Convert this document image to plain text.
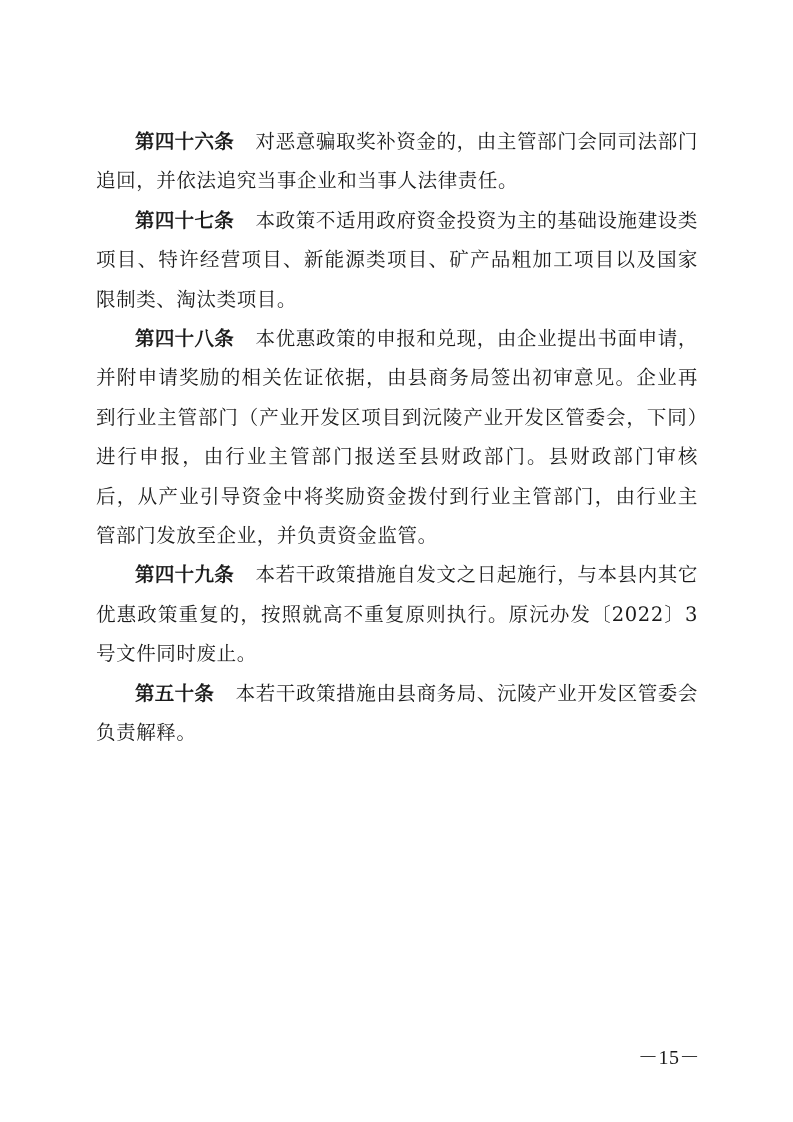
第四十六条 对恶意骗取奖补资金的，由主管部门会同司法部门追回，并依法追究当事企业和当事人法律责任。

第四十七条 本政策不适用政府资金投资为主的基础设施建设类项目、特许经营项目、新能源类项目、矿产品粗加工项目以及国家限制类、淘汰类项目。

第四十八条 本优惠政策的申报和兑现，由企业提出书面申请，并附申请奖励的相关佐证依据，由县商务局签出初审意见。企业再到行业主管部门（产业开发区项目到沅陵产业开发区管委会，下同）进行申报，由行业主管部门报送至县财政部门。县财政部门审核后，从产业引导资金中将奖励资金拨付到行业主管部门，由行业主管部门发放至企业，并负责资金监管。

第四十九条 本若干政策措施自发文之日起施行，与本县内其它优惠政策重复的，按照就高不重复原则执行。原沅办发〔2022〕3号文件同时废止。

第五十条 本若干政策措施由县商务局、沅陵产业开发区管委会负责解释。

－15－
